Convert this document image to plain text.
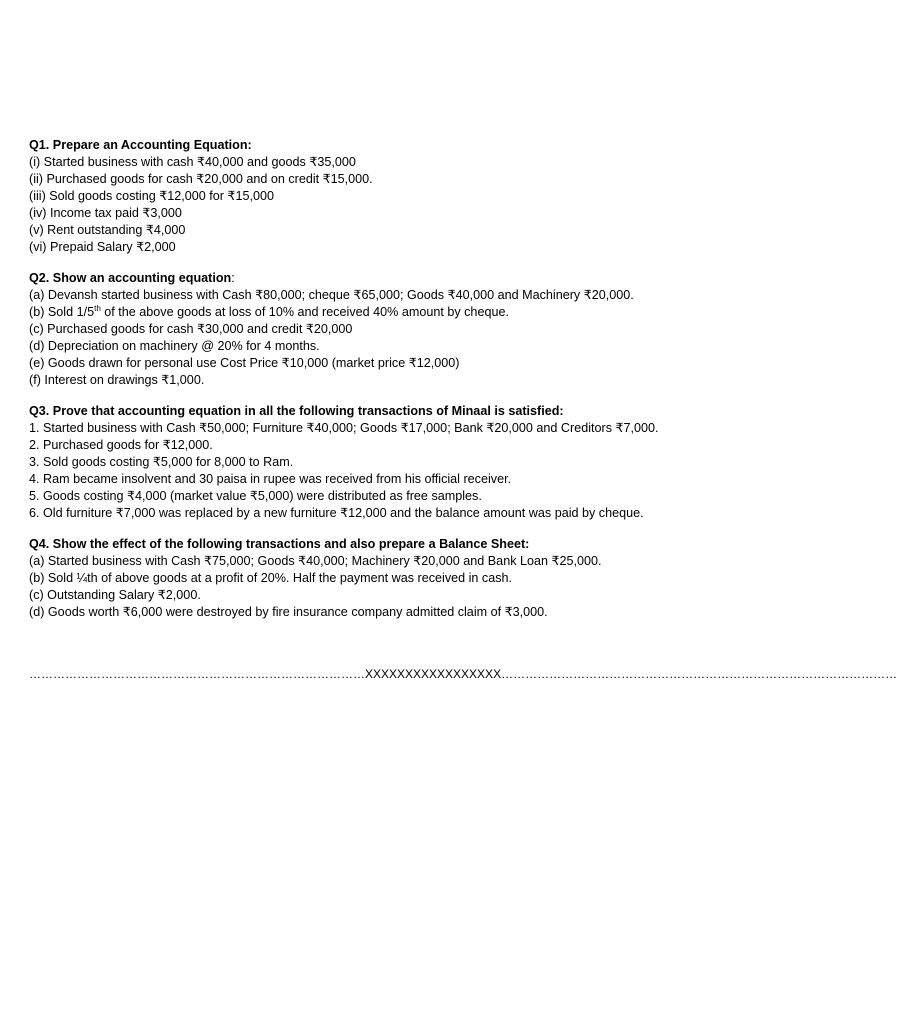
Q1. Prepare an Accounting Equation:
(i) Started business with cash ₹40,000 and goods ₹35,000
(ii) Purchased goods for cash ₹20,000 and on credit ₹15,000.
(iii) Sold goods costing ₹12,000 for ₹15,000
(iv) Income tax paid ₹3,000
(v) Rent outstanding ₹4,000
(vi) Prepaid Salary ₹2,000
Q2. Show an accounting equation:
(a) Devansh started business with Cash ₹80,000; cheque ₹65,000; Goods ₹40,000 and Machinery ₹20,000.
(b) Sold 1/5th of the above goods at loss of 10% and received 40% amount by cheque.
(c) Purchased goods for cash ₹30,000 and credit ₹20,000
(d) Depreciation on machinery @ 20% for 4 months.
(e) Goods drawn for personal use Cost Price ₹10,000 (market price ₹12,000)
(f) Interest on drawings ₹1,000.
Q3. Prove that accounting equation in all the following transactions of Minaal is satisfied:
1. Started business with Cash ₹50,000; Furniture ₹40,000; Goods ₹17,000; Bank ₹20,000 and Creditors ₹7,000.
2. Purchased goods for ₹12,000.
3. Sold goods costing ₹5,000 for 8,000 to Ram.
4. Ram became insolvent and 30 paisa in rupee was received from his official receiver.
5. Goods costing ₹4,000 (market value ₹5,000) were distributed as free samples.
6. Old furniture ₹7,000 was replaced by a new furniture ₹12,000 and the balance amount was paid by cheque.
Q4. Show the effect of the following transactions and also prepare a Balance Sheet:
(a) Started business with Cash ₹75,000; Goods ₹40,000; Machinery ₹20,000 and Bank Loan ₹25,000.
(b) Sold ¼th of above goods at a profit of 20%. Half the payment was received in cash.
(c) Outstanding Salary ₹2,000.
(d) Goods worth ₹6,000 were destroyed by fire insurance company admitted claim of ₹3,000.
…………………………………………………………………………XXXXXXXXXXXXXXXXX………………………………………………………………………………………
